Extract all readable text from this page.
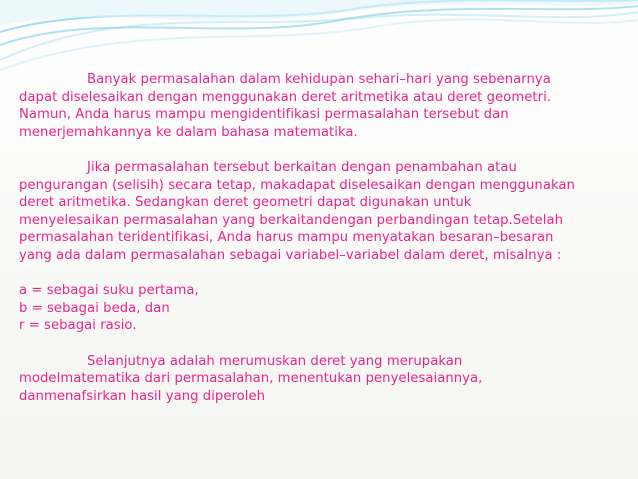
Banyak permasalahan dalam kehidupan sehari–hari yang sebenarnya
dapat diselesaikan dengan menggunakan deret aritmetika atau deret geometri.
Namun, Anda harus mampu mengidentifikasi permasalahan tersebut dan
menerjemahkannya ke dalam bahasa matematika.

Jika permasalahan tersebut berkaitan dengan penambahan atau
pengurangan (selisih) secara tetap, makadapat diselesaikan dengan menggunakan
deret aritmetika. Sedangkan deret geometri dapat digunakan untuk
menyelesaikan permasalahan yang berkaitandengan perbandingan tetap.Setelah
permasalahan teridentifikasi, Anda harus mampu menyatakan besaran–besaran
yang ada dalam permasalahan sebagai variabel–variabel dalam deret, misalnya :

a = sebagai suku pertama,
b = sebagai beda, dan
r = sebagai rasio.

Selanjutnya adalah merumuskan deret yang merupakan
modelmatematika dari permasalahan, menentukan penyelesaiannya,
danmenafsirkan hasil yang diperoleh
